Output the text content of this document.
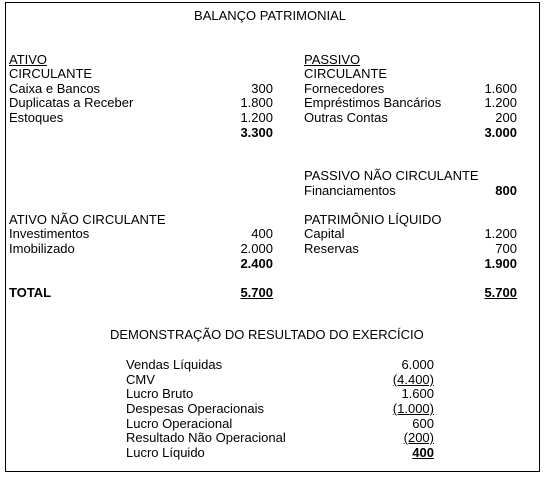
BALANÇO PATRIMONIAL
ATIVO
CIRCULANTE
Caixa e Bancos	300
Duplicatas a Receber	1.800
Estoques	1.200
3.300
ATIVO NÃO CIRCULANTE
Investimentos	400
Imobilizado	2.000
2.400
TOTAL	5.700
PASSIVO
CIRCULANTE
Fornecedores	1.600
Empréstimos Bancários	1.200
Outras Contas	200
3.000
PASSIVO NÃO CIRCULANTE
Financiamentos	800
PATRIMÔNIO LÍQUIDO
Capital	1.200
Reservas	700
1.900
5.700
DEMONSTRAÇÃO DO RESULTADO DO EXERCÍCIO
Vendas Líquidas	6.000
CMV	(4.400)
Lucro Bruto	1.600
Despesas Operacionais	(1.000)
Lucro Operacional	600
Resultado Não Operacional	(200)
Lucro Líquido	400
